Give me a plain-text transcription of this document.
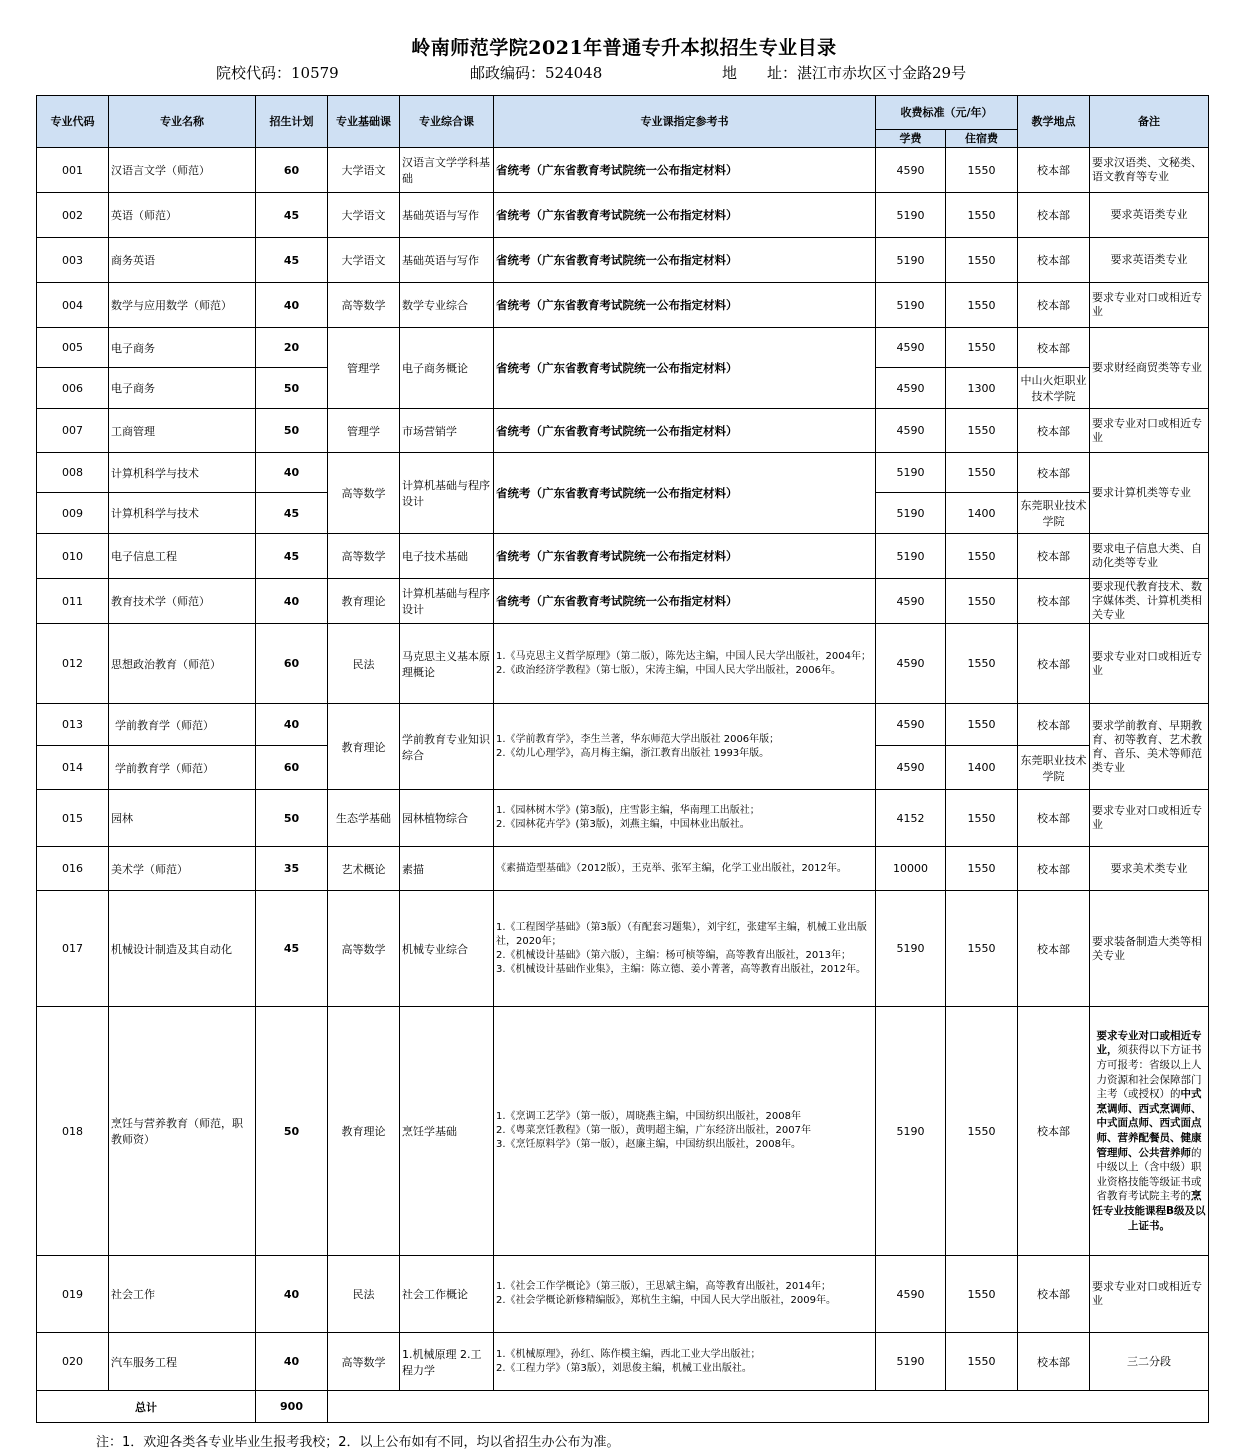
岭南师范学院2021年普通专升本拟招生专业目录
院校代码：10579	邮政编码：524048	地　　址：湛江市赤坎区寸金路29号
专业代码	专业名称	招生计划	专业基础课	专业综合课	专业课指定参考书	收费标准（元/年）		教学地点	备注

						学费	住宿费		
001	汉语言文学（师范）	60	大学语文	汉语言文学学科基础	省统考（广东省教育考试院统一公布指定材料）	4590	1550	校本部	要求汉语类、文秘类、语文教育等专业
002	英语（师范）	45	大学语文	基础英语与写作	省统考（广东省教育考试院统一公布指定材料）	5190	1550	校本部	要求英语类专业
003	商务英语	45	大学语文	基础英语与写作	省统考（广东省教育考试院统一公布指定材料）	5190	1550	校本部	要求英语类专业
004	数学与应用数学（师范）	40	高等数学	数学专业综合	省统考（广东省教育考试院统一公布指定材料）	5190	1550	校本部	要求专业对口或相近专业
005	电子商务	20	管理学	电子商务概论	省统考（广东省教育考试院统一公布指定材料）	4590	1550	校本部	要求财经商贸类等专业
006	电子商务	50				4590	1300	中山火炬职业技术学院	
007	工商管理	50	管理学	市场营销学	省统考（广东省教育考试院统一公布指定材料）	4590	1550	校本部	要求专业对口或相近专业
008	计算机科学与技术	40	高等数学	计算机基础与程序设计	省统考（广东省教育考试院统一公布指定材料）	5190	1550	校本部	要求计算机类等专业
009	计算机科学与技术	45				5190	1400	东莞职业技术学院	
010	电子信息工程	45	高等数学	电子技术基础	省统考（广东省教育考试院统一公布指定材料）	5190	1550	校本部	要求电子信息大类、自动化类等专业
011	教育技术学（师范）	40	教育理论	计算机基础与程序设计	省统考（广东省教育考试院统一公布指定材料）	4590	1550	校本部	要求现代教育技术、数字媒体类、计算机类相关专业
012	思想政治教育（师范）	60	民法	马克思主义基本原理概论	1.《马克思主义哲学原理》（第二版），陈先达主编，中国人民大学出版社，2004年；
2.《政治经济学教程》（第七版），宋涛主编，中国人民大学出版社，2006年。	4590	1550	校本部	要求专业对口或相近专业
013	学前教育学（师范）	40	教育理论	学前教育专业知识综合	1.《学前教育学》，李生兰著，华东师范大学出版社 2006年版；
2.《幼儿心理学》，高月梅主编，浙江教育出版社 1993年版。	4590	1550	校本部	要求学前教育、早期教育、初等教育、艺术教育、音乐、美术等师范类专业
014	学前教育学（师范）	60				4590	1400	东莞职业技术学院	
015	园林	50	生态学基础	园林植物综合	1.《园林树木学》(第3版)，庄雪影主编，华南理工出版社；
2.《园林花卉学》(第3版)，刘燕主编，中国林业出版社。	4152	1550	校本部	要求专业对口或相近专业
016	美术学（师范）	35	艺术概论	素描	《素描造型基础》（2012版），王克举、张军主编，化学工业出版社，2012年。	10000	1550	校本部	要求美术类专业
017	机械设计制造及其自动化	45	高等数学	机械专业综合	1.《工程图学基础》（第3版）（有配套习题集），刘宇红，张建军主编，机械工业出版社，2020年；
2.《机械设计基础》（第六版），主编：杨可桢等编，高等教育出版社，2013年；
3.《机械设计基础作业集》，主编：陈立德、姜小菁著，高等教育出版社，2012年。	5190	1550	校本部	要求装备制造大类等相关专业
018	烹饪与营养教育（师范，职教师资）	50	教育理论	烹饪学基础	1.《烹调工艺学》（第一版），周晓燕主编，中国纺织出版社，2008年
2.《粤菜烹饪教程》（第一版），黄明超主编，广东经济出版社，2007年
3.《烹饪原料学》（第一版），赵廉主编，中国纺织出版社，2008年。	5190	1550	校本部	要求专业对口或相近专业，须获得以下方证书方可报考：省级以上人力资源和社会保障部门主考（或授权）的中式烹调师、西式烹调师、中式面点师、西式面点师、营养配餐员、健康管理师、公共营养师的中级以上（含中级）职业资格技能等级证书或省教育考试院主考的烹饪专业技能课程B级及以上证书。
019	社会工作	40	民法	社会工作概论	1.《社会工作学概论》（第三版），王思斌主编，高等教育出版社，2014年；
2.《社会学概论新修精编版》，郑杭生主编，中国人民大学出版社，2009年。	4590	1550	校本部	要求专业对口或相近专业
020	汽车服务工程	40	高等数学	1.机械原理 2.工程力学	1.《机械原理》，孙红、陈作模主编，西北工业大学出版社；
2.《工程力学》（第3版），刘思俊主编，机械工业出版社。	5190	1550	校本部	三二分段
总计		900							
注：1．欢迎各类各专业毕业生报考我校；2．以上公布如有不同，均以省招生办公布为准。
